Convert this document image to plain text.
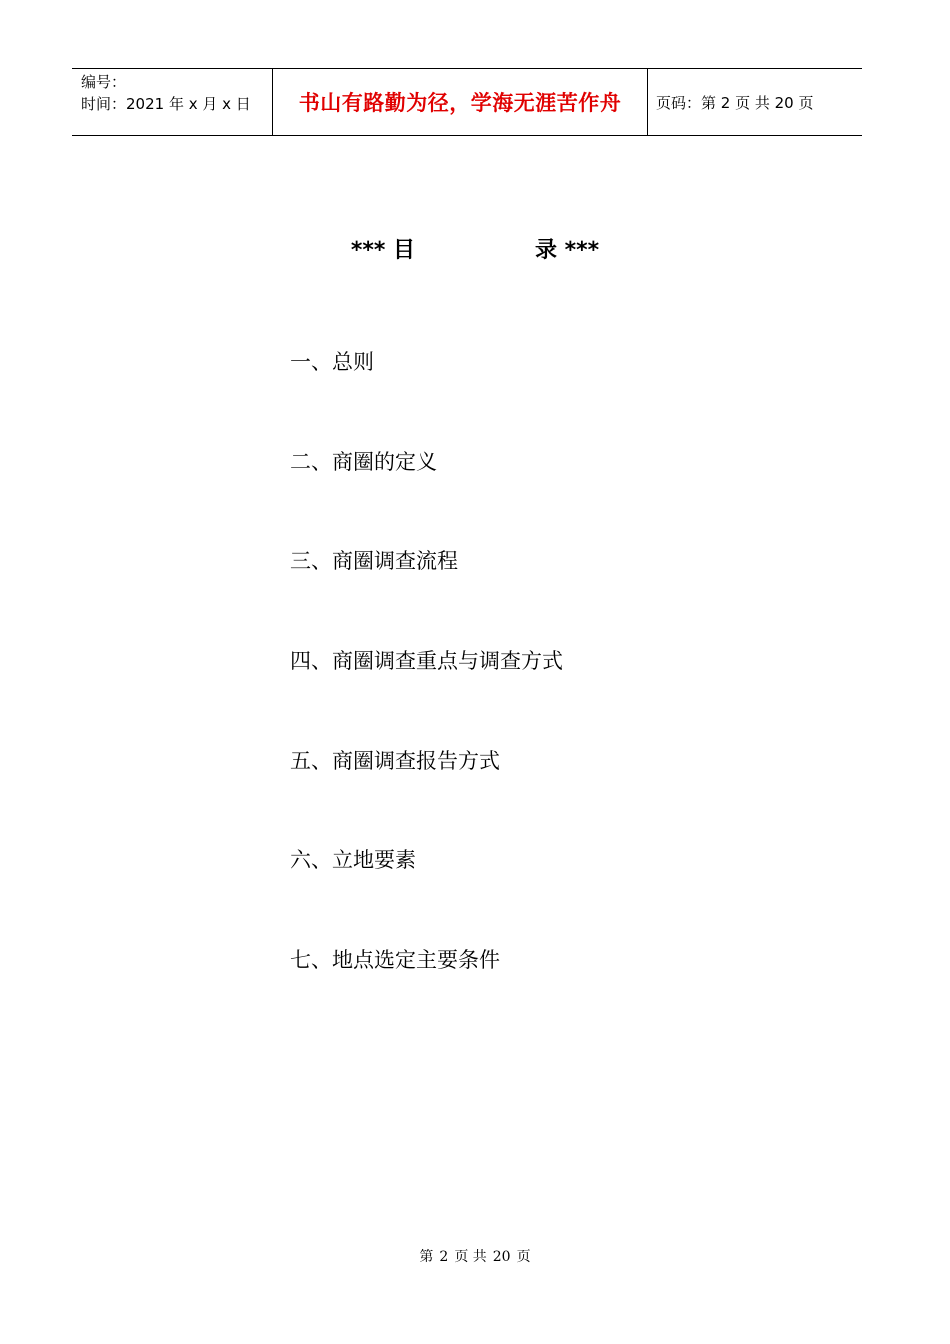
编号：
时间：2021 年 x 月 x 日	书山有路勤为径，学海无涯苦作舟 页码：第 2 页 共 20 页
*** 目	录 ***
一、总则
二、商圈的定义
三、商圈调查流程
四、商圈调查重点与调查方式
五、商圈调查报告方式
六、立地要素
七、地点选定主要条件
第 2 页 共 20 页
